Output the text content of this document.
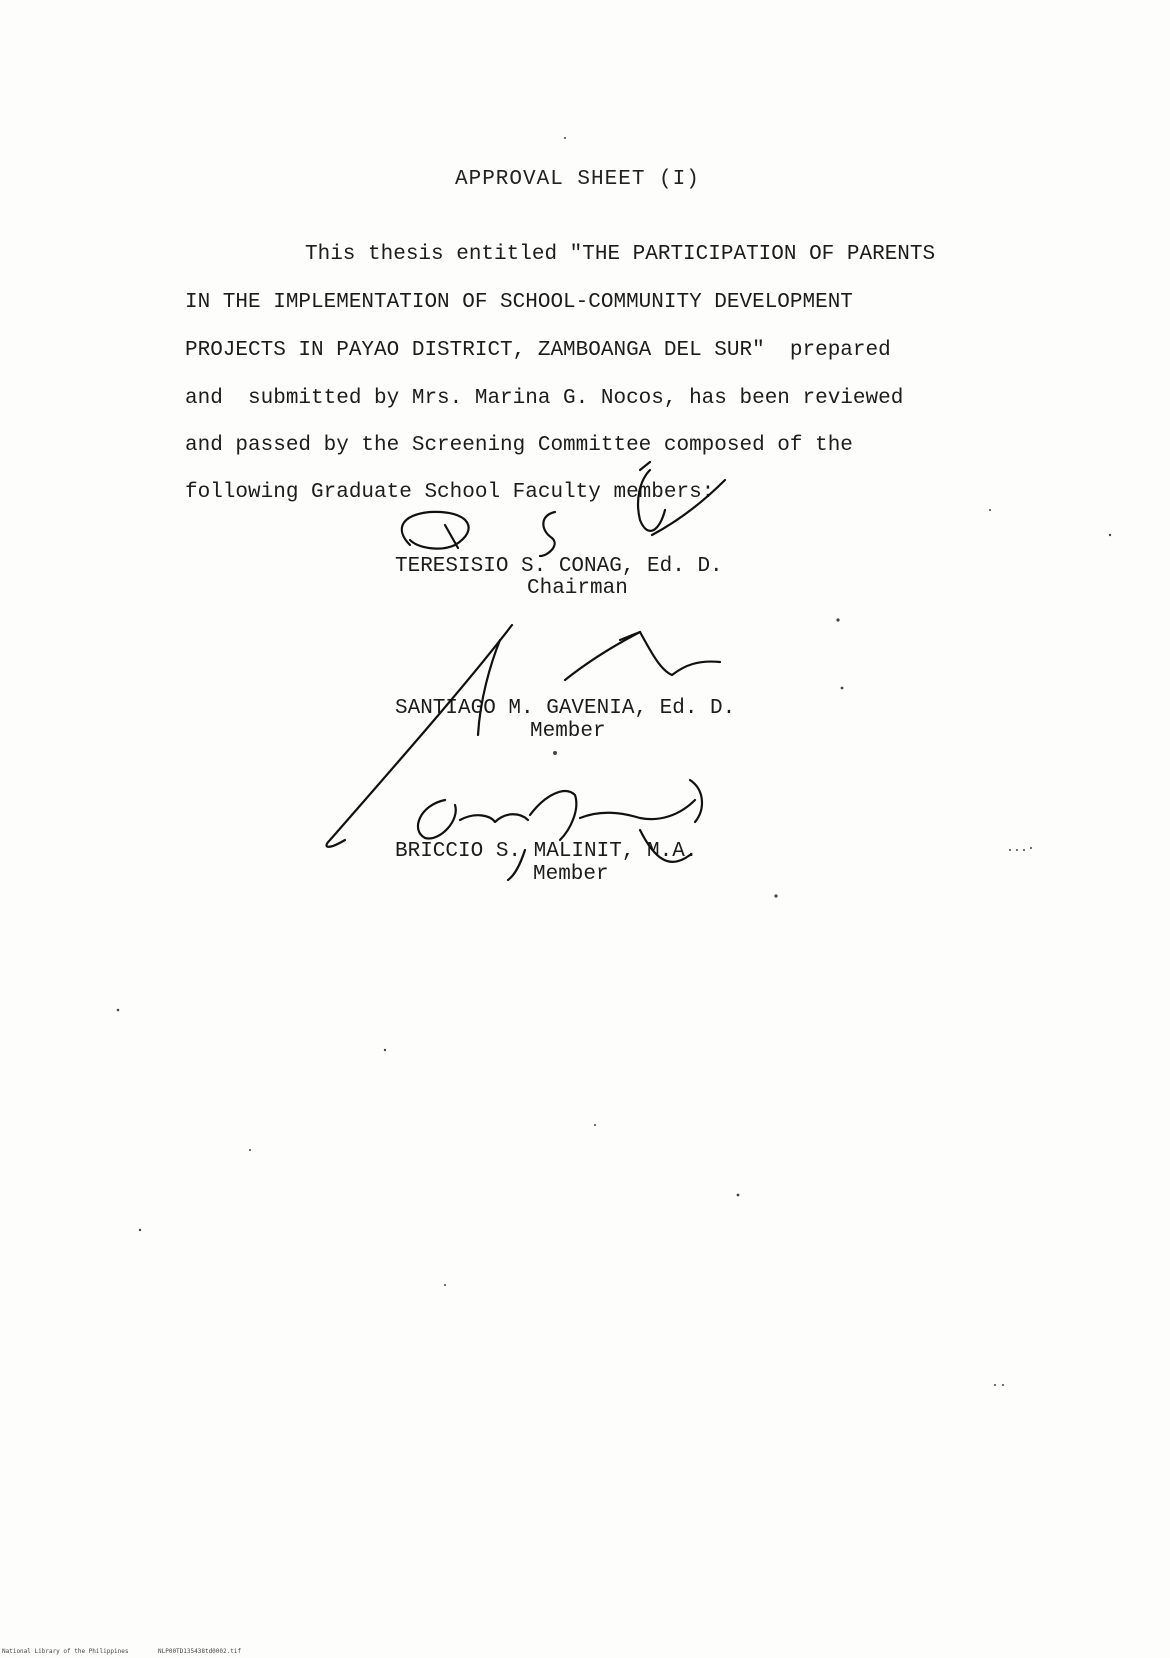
APPROVAL SHEET (I)
This thesis entitled "THE PARTICIPATION OF PARENTS
IN THE IMPLEMENTATION OF SCHOOL-COMMUNITY DEVELOPMENT
PROJECTS IN PAYAO DISTRICT, ZAMBOANGA DEL SUR"  prepared
and  submitted by Mrs. Marina G. Nocos, has been reviewed
and passed by the Screening Committee composed of the
following Graduate School Faculty members:
TERESISIO S. CONAG, Ed. D.
Chairman
SANTIAGO M. GAVENIA, Ed. D.
Member
BRICCIO S. MALINIT, M.A.
Member
National Library of the Philippines	NLP00TD135438td0002.tif
